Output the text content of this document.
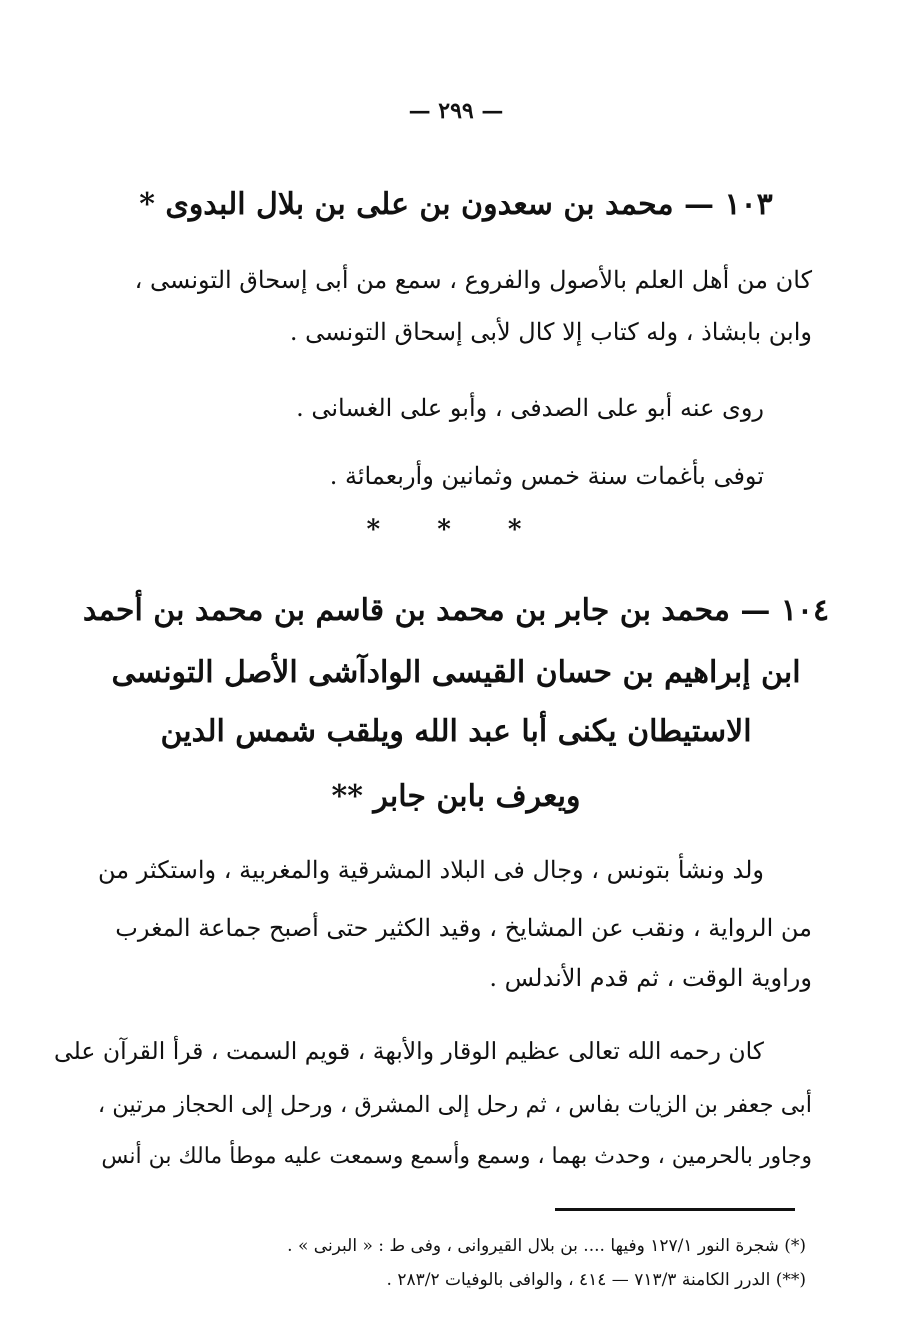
— ٢٩٩ —
١٠٣ — محمد بن سعدون بن على بن بلال البدوى *
كان من أهل العلم بالأصول والفروع ، سمع من أبى إسحاق التونسى ،
وابن بابشاذ ، وله كتاب إلا كال لأبى إسحاق التونسى .
روى عنه أبو على الصدفى ، وأبو على الغسانى .
توفى بأغمات سنة خمس وثمانين وأربعمائة .
* * *
١٠٤ — محمد بن جابر بن محمد بن قاسم بن محمد بن أحمد
ابن إبراهيم بن حسان القيسى الوادآشى الأصل التونسى
الاستيطان يكنى أبا عبد الله ويلقب شمس الدين
ويعرف بابن جابر **
ولد ونشأ بتونس ، وجال فى البلاد المشرقية والمغربية ، واستكثر من
من الرواية ، ونقب عن المشايخ ، وقيد الكثير حتى أصبح جماعة المغرب
وراوية الوقت ، ثم قدم الأندلس .
كان رحمه الله تعالى عظيم الوقار والأبهة ، قويم السمت ، قرأ القرآن على
أبى جعفر بن الزيات بفاس ، ثم رحل إلى المشرق ، ورحل إلى الحجاز مرتين ،
وجاور بالحرمين ، وحدث بهما ، وسمع وأسمع وسمعت عليه موطأ مالك بن أنس
(*) شجرة النور ١٢٧/١ وفيها .... بن بلال القيروانى ، وفى ط : « البرنى » .
(**) الدرر الكامنة ٧١٣/٣ — ٤١٤ ، والوافى بالوفيات ٢٨٣/٢ .
